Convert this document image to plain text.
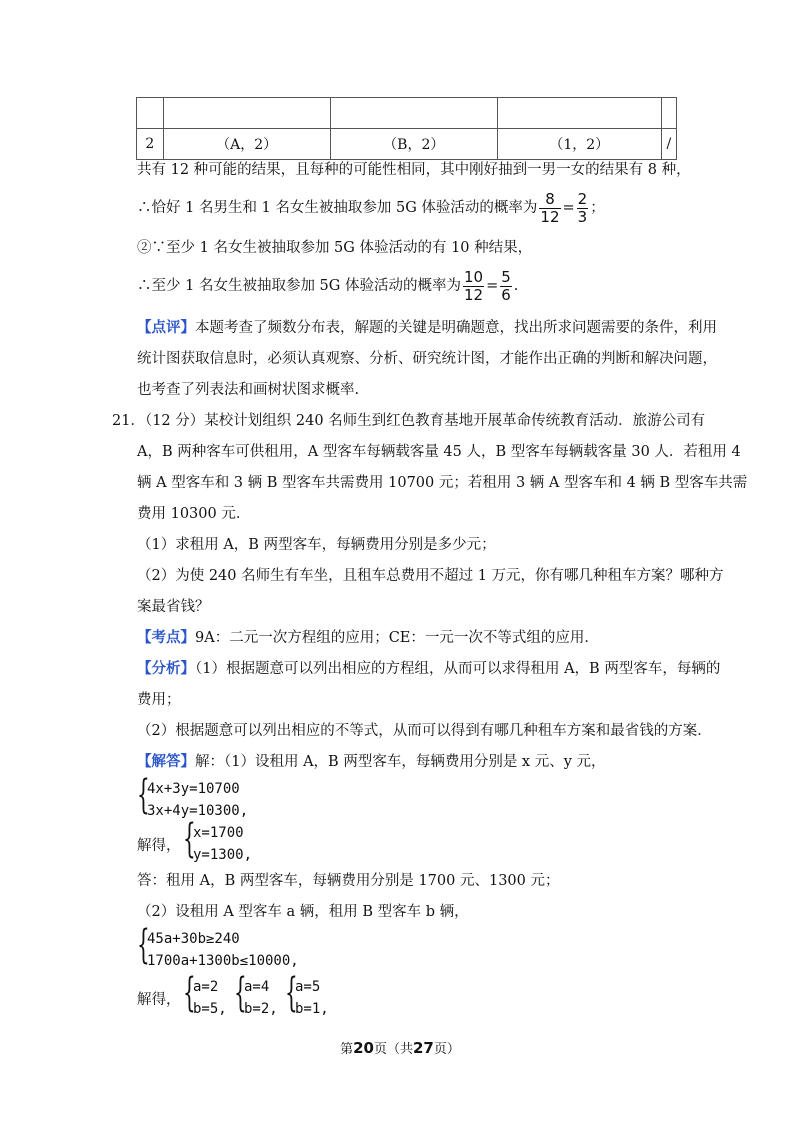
2	（A，2）	（B，2）	（1，2）	/
共有 12 种可能的结果，且每种的可能性相同，其中刚好抽到一男一女的结果有 8 种，
∴恰好 1 名男生和 1 名女生被抽取参加 5G 体验活动的概率为 $\frac{8}{12} = \frac{2}{3}$ ；
②∵至少 1 名女生被抽取参加 5G 体验活动的有 10 种结果，
∴至少 1 名女生被抽取参加 5G 体验活动的概率为 $\frac{10}{12} = \frac{5}{6}$ .
【点评】本题考查了频数分布表，解题的关键是明确题意，找出所求问题需要的条件，利用
统计图获取信息时，必须认真观察、分析、研究统计图，才能作出正确的判断和解决问题，
也考查了列表法和画树状图求概率.
21．（12 分）某校计划组织 240 名师生到红色教育基地开展革命传统教育活动．旅游公司有
A，B 两种客车可供租用，A 型客车每辆载客量 45 人，B 型客车每辆载客量 30 人．若租用 4
辆 A 型客车和 3 辆 B 型客车共需费用 10700 元；若租用 3 辆 A 型客车和 4 辆 B 型客车共需
费用 10300 元．
（1）求租用 A，B 两型客车，每辆费用分别是多少元；
（2）为使 240 名师生有车坐，且租车总费用不超过 1 万元，你有哪几种租车方案？哪种方
案最省钱？
【考点】9A：二元一次方程组的应用；CE：一元一次不等式组的应用．
【分析】（1）根据题意可以列出相应的方程组，从而可以求得租用 A，B 两型客车，每辆的
费用；
（2）根据题意可以列出相应的不等式，从而可以得到有哪几种租车方案和最省钱的方案．
【解答】解：（1）设租用 A，B 两型客车，每辆费用分别是 x 元、y 元，
{
4x+3y=10700
3x+4y=10300,
解得， {
x=1700
y=1300,
答：租用 A，B 两型客车，每辆费用分别是 1700 元、1300 元；
（2）设租用 A 型客车 a 辆，租用 B 型客车 b 辆，
{
45a+30b≥240
1700a+1300b≤10000,
解得， {
a=2
b=5, {
a=4
b=2, {
a=5
b=1,
第20页（共27页）
